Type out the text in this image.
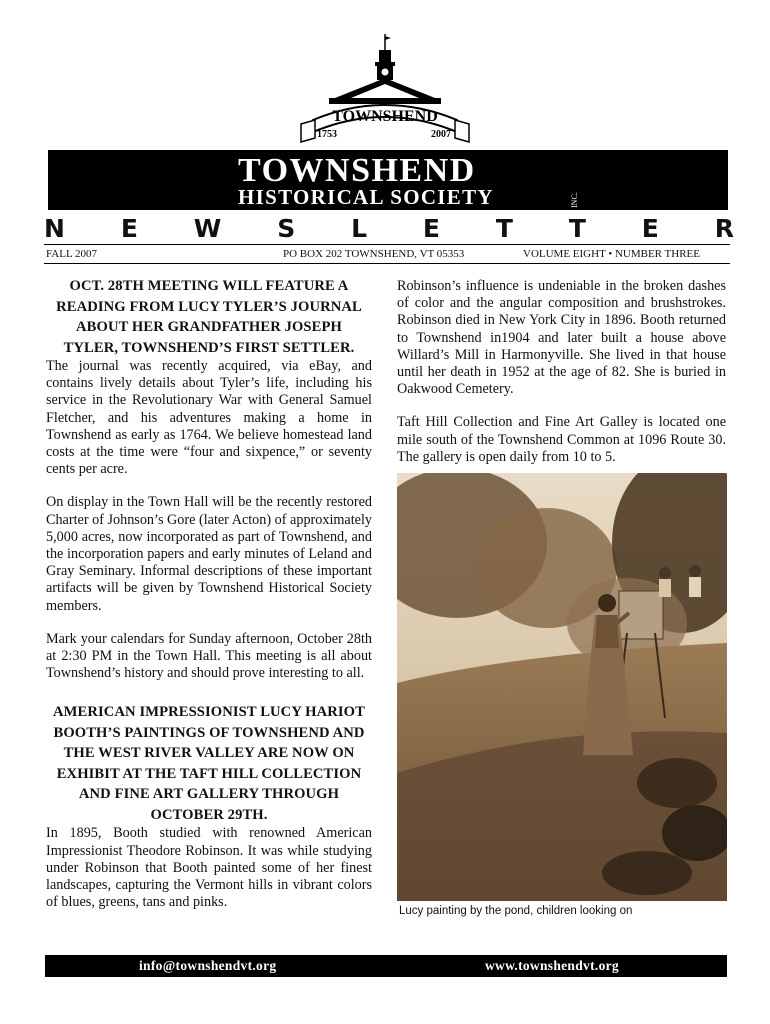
TOWNSHEND
1753	2007
TOWNSHEND
HISTORICAL SOCIETY	INC.
N E W S L E T T E R
FALL 2007	PO BOX 202 TOWNSHEND, VT 05353	VOLUME EIGHT • NUMBER THREE
OCT. 28TH MEETING WILL FEATURE A READING FROM LUCY TYLER’S JOURNAL ABOUT HER GRANDFATHER JOSEPH TYLER, TOWNSHEND’S FIRST SETTLER.

The journal was recently acquired, via eBay, and contains lively details about Tyler’s life, including his service in the Revolutionary War with General Samuel Fletcher, and his adventures making a home in Townshend as early as 1764. We believe homestead land costs at the time were “four and sixpence,” or seventy cents per acre.

On display in the Town Hall will be the recently restored Charter of Johnson’s Gore (later Acton) of approximately 5,000 acres, now incorporated as part of Townshend, and the incorporation papers and early minutes of Leland and Gray Seminary. Informal descriptions of these important artifacts will be given by Townshend Historical Society members.

Mark your calendars for Sunday afternoon, October 28th at 2:30 PM in the Town Hall. This meeting is all about Townshend’s history and should prove interesting to all.

AMERICAN IMPRESSIONIST LUCY HARIOT BOOTH’S PAINTINGS OF TOWNSHEND AND THE WEST RIVER VALLEY ARE NOW ON EXHIBIT AT THE TAFT HILL COLLECTION AND FINE ART GALLERY THROUGH OCTOBER 29TH.

In 1895, Booth studied with renowned American Impressionist Theodore Robinson. It was while studying under Robinson that Booth painted some of her finest landscapes, capturing the Vermont hills in vibrant colors of blues, greens, tans and pinks.

Robinson’s influence is undeniable in the broken dashes of color and the angular composition and brushstrokes. Robinson died in New York City in 1896. Booth returned to Townshend in1904 and later built a house above Willard’s Mill in Harmonyville. She lived in that house until her death in 1952 at the age of 82. She is buried in Oakwood Cemetery.

Taft Hill Collection and Fine Art Galley is located one mile south of the Townshend Common at 1096 Route 30. The gallery is open daily from 10 to 5.

Lucy painting by the pond, children looking on
info@townshendvt.org	www.townshendvt.org
